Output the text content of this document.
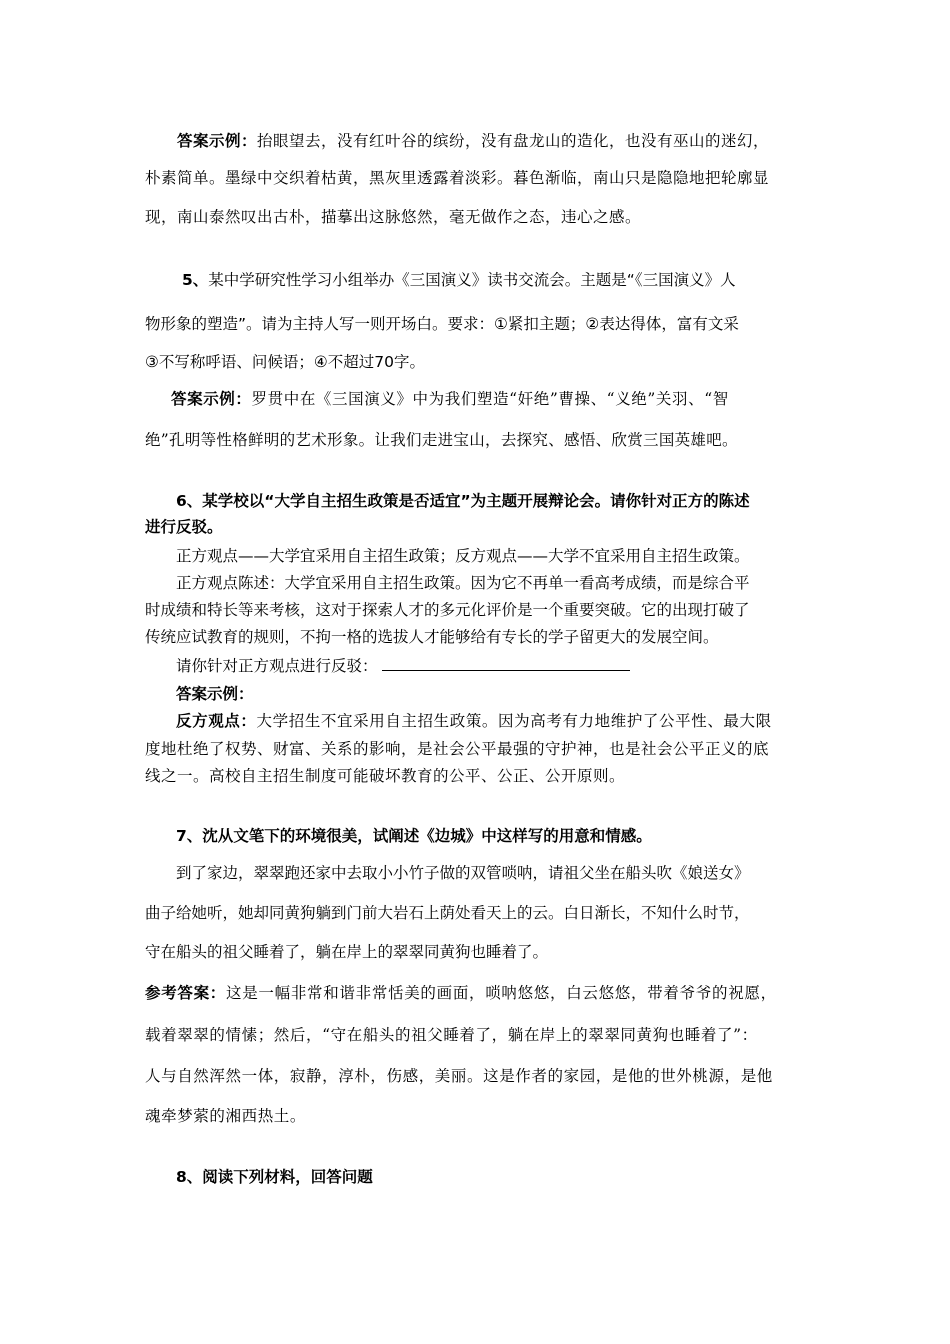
答案示例：抬眼望去，没有红叶谷的缤纷，没有盘龙山的造化，也没有巫山的迷幻，
朴素简单。墨绿中交织着枯黄，黑灰里透露着淡彩。暮色渐临，南山只是隐隐地把轮廓显
现，南山泰然叹出古朴，描摹出这脉悠然，毫无做作之态，违心之感。
5、某中学研究性学习小组举办《三国演义》读书交流会。主题是“《三国演义》人
物形象的塑造”。请为主持人写一则开场白。要求：①紧扣主题；②表达得体，富有文采
③不写称呼语、问候语；④不超过70字。
答案示例：罗贯中在《三国演义》中为我们塑造“奸绝”曹操、“义绝”关羽、“智
绝”孔明等性格鲜明的艺术形象。让我们走进宝山，去探究、感悟、欣赏三国英雄吧。
6、某学校以“大学自主招生政策是否适宜”为主题开展辩论会。请你针对正方的陈述
进行反驳。
正方观点——大学宜采用自主招生政策；反方观点——大学不宜采用自主招生政策。
正方观点陈述：大学宜采用自主招生政策。因为它不再单一看高考成绩，而是综合平
时成绩和特长等来考核，这对于探索人才的多元化评价是一个重要突破。它的出现打破了
传统应试教育的规则，不拘一格的选拔人才能够给有专长的学子留更大的发展空间。
请你针对正方观点进行反驳：
答案示例：
反方观点：大学招生不宜采用自主招生政策。因为高考有力地维护了公平性、最大限
度地杜绝了权势、财富、关系的影响，是社会公平最强的守护神，也是社会公平正义的底
线之一。高校自主招生制度可能破坏教育的公平、公正、公开原则。
7、沈从文笔下的环境很美，试阐述《边城》中这样写的用意和情感。
到了家边，翠翠跑还家中去取小小竹子做的双管唢呐，请祖父坐在船头吹《娘送女》
曲子给她听，她却同黄狗躺到门前大岩石上荫处看天上的云。白日渐长，不知什么时节，
守在船头的祖父睡着了，躺在岸上的翠翠同黄狗也睡着了。
参考答案：这是一幅非常和谐非常恬美的画面，唢呐悠悠，白云悠悠，带着爷爷的祝愿，
载着翠翠的情愫；然后，“守在船头的祖父睡着了，躺在岸上的翠翠同黄狗也睡着了”：
人与自然浑然一体，寂静，淳朴，伤感，美丽。这是作者的家园，是他的世外桃源，是他
魂牵梦萦的湘西热土。
8、阅读下列材料，回答问题
